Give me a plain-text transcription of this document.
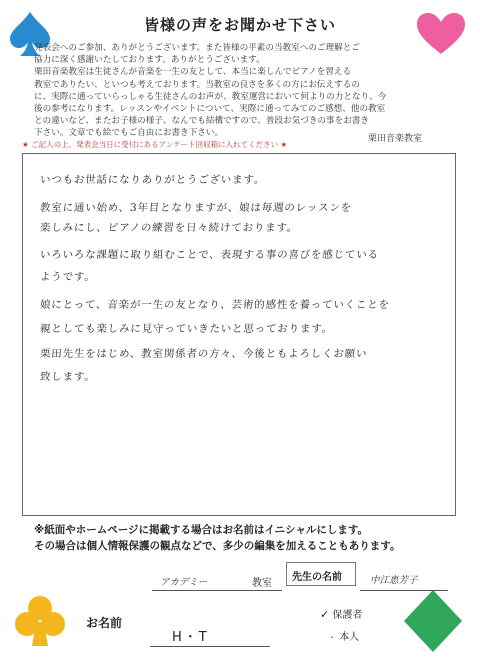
皆様の声をお聞かせ下さい
発表会へのご参加、ありがとうございます。また皆様の平素の当教室へのご理解とご
協力に深く感謝いたしております。ありがとうございます。
栗田音楽教室は生徒さんが音楽を一生の友として、本当に楽しんでピアノを習える
教室でありたい、といつも考えております。当教室の良さを多くの方にお伝えするの
に、実際に通っていらっしゃる生徒さんのお声が、教室運営において何よりの力となり、今
後の参考になります。レッスンやイベントについて、実際に通ってみてのご感想、他の教室
との違いなど、またお子様の様子、なんでも結構ですので、普段お気づきの事をお書き
下さい。文章でも絵でもご自由にお書き下さい。
栗田音楽教室
★ ご記入の上、発表会当日に受付にあるアンケート回収箱に入れてください ★
いつもお世話になりありがとうございます。
教室に通い始め、3年目となりますが、娘は毎週のレッスンを
楽しみにし、ピアノの練習を日々続けております。
いろいろな課題に取り組むことで、表現する事の喜びを感じている
ようです。
娘にとって、音楽が一生の友となり、芸術的感性を養っていくことを
親としても楽しみに見守っていきたいと思っております。
栗田先生をはじめ、教室関係者の方々、今後ともよろしくお願い
致します。
※紙面やホームページに掲載する場合はお名前はイニシャルにします。
その場合は個人情報保護の観点などで、多少の編集を加えることもあります。
アカデミー	教室
先生の名前	中江恵芳子
お名前
H・T
✓ 保護者
・ 本人
